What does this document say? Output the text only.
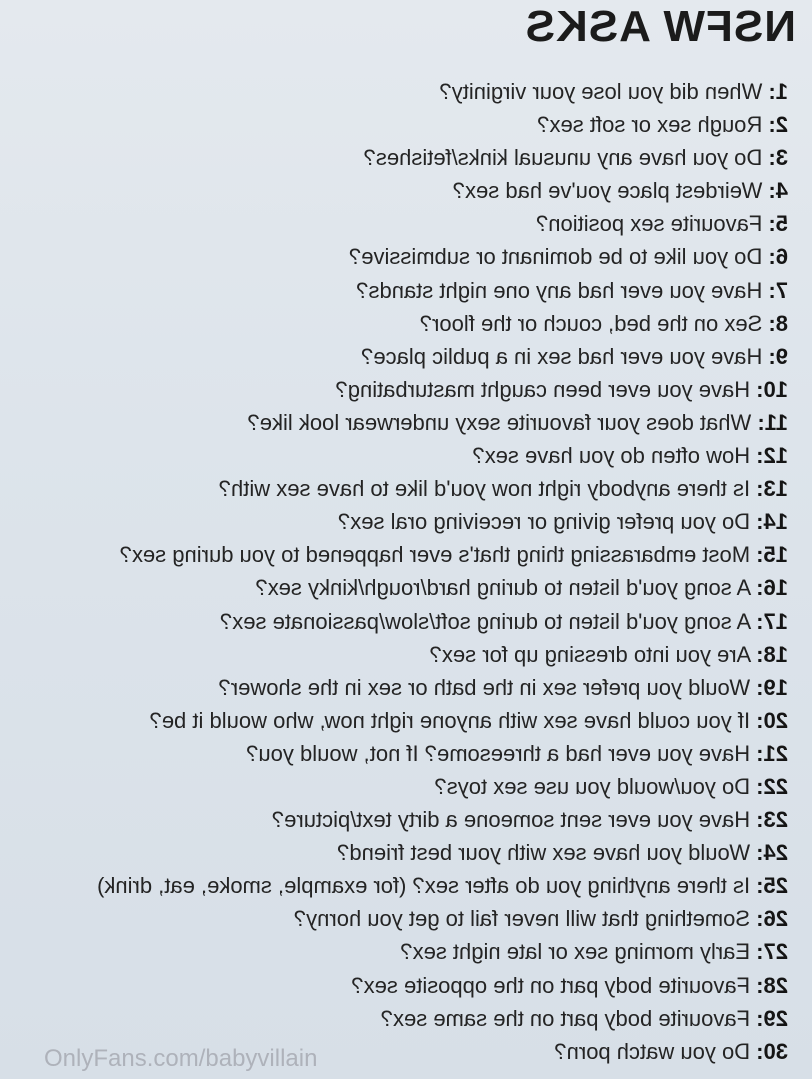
NSFW ASKS
1: When did you lose your virginity?
2: Rough sex or soft sex?
3: Do you have any unusual kinks/fetishes?
4: Weirdest place you've had sex?
5: Favourite sex position?
6: Do you like to be dominant or submissive?
7: Have you ever had any one night stands?
8: Sex on the bed, couch or the floor?
9: Have you ever had sex in a public place?
10: Have you ever been caught masturbating?
11: What does your favourite sexy underwear look like?
12: How often do you have sex?
13: Is there anybody right now you'd like to have sex with?
14: Do you prefer giving or receiving oral sex?
15: Most embarassing thing that's ever happened to you during sex?
16: A song you'd listen to during hard/rough/kinky sex?
17: A song you'd listen to during soft/slow/passionate sex?
18: Are you into dressing up for sex?
19: Would you prefer sex in the bath or sex in the shower?
20: If you could have sex with anyone right now, who would it be?
21: Have you ever had a threesome? If not, would you?
22: Do you/would you use sex toys?
23: Have you ever sent someone a dirty text/picture?
24: Would you have sex with your best friend?
25: Is there anything you do after sex? (for example, smoke, eat, drink)
26: Something that will never fail to get you horny?
27: Early morning sex or late night sex?
28: Favourite body part on the opposite sex?
29: Favourite body part on the same sex?
30: Do you watch porn?
OnlyFans.com/babyvillain
